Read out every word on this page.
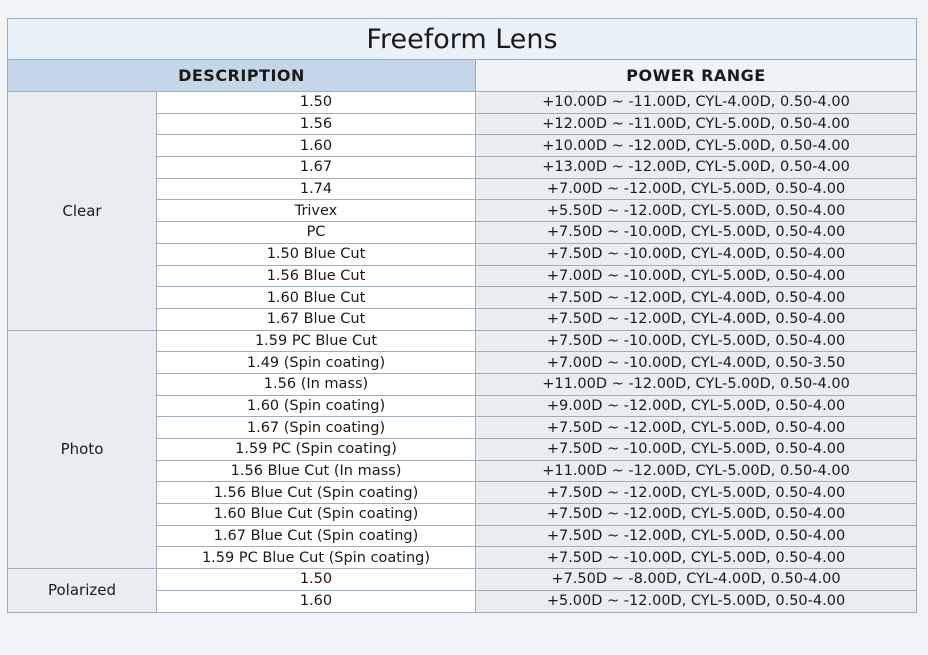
Freeform Lens		
DESCRIPTION		POWER RANGE
Clear	1.50	+10.00D ~ -11.00D, CYL-4.00D, 0.50-4.00
	1.56	+12.00D ~ -11.00D, CYL-5.00D, 0.50-4.00
	1.60	+10.00D ~ -12.00D, CYL-5.00D, 0.50-4.00
	1.67	+13.00D ~ -12.00D, CYL-5.00D, 0.50-4.00
	1.74	+7.00D ~ -12.00D, CYL-5.00D, 0.50-4.00
	Trivex	+5.50D ~ -12.00D, CYL-5.00D, 0.50-4.00
	PC	+7.50D ~ -10.00D, CYL-5.00D, 0.50-4.00
	1.50 Blue Cut	+7.50D ~ -10.00D, CYL-4.00D, 0.50-4.00
	1.56 Blue Cut	+7.00D ~ -10.00D, CYL-5.00D, 0.50-4.00
	1.60 Blue Cut	+7.50D ~ -12.00D, CYL-4.00D, 0.50-4.00
	1.67 Blue Cut	+7.50D ~ -12.00D, CYL-4.00D, 0.50-4.00
Photo	1.59 PC Blue Cut	+7.50D ~ -10.00D, CYL-5.00D, 0.50-4.00
	1.49 (Spin coating)	+7.00D ~ -10.00D, CYL-4.00D, 0.50-3.50
	1.56 (In mass)	+11.00D ~ -12.00D, CYL-5.00D, 0.50-4.00
	1.60 (Spin coating)	+9.00D ~ -12.00D, CYL-5.00D, 0.50-4.00
	1.67 (Spin coating)	+7.50D ~ -12.00D, CYL-5.00D, 0.50-4.00
	1.59 PC (Spin coating)	+7.50D ~ -10.00D, CYL-5.00D, 0.50-4.00
	1.56 Blue Cut (In mass)	+11.00D ~ -12.00D, CYL-5.00D, 0.50-4.00
	1.56 Blue Cut (Spin coating)	+7.50D ~ -12.00D, CYL-5.00D, 0.50-4.00
	1.60 Blue Cut (Spin coating)	+7.50D ~ -12.00D, CYL-5.00D, 0.50-4.00
	1.67 Blue Cut (Spin coating)	+7.50D ~ -12.00D, CYL-5.00D, 0.50-4.00
	1.59 PC Blue Cut (Spin coating)	+7.50D ~ -10.00D, CYL-5.00D, 0.50-4.00
Polarized	1.50	+7.50D ~ -8.00D, CYL-4.00D, 0.50-4.00
	1.60	+5.00D ~ -12.00D, CYL-5.00D, 0.50-4.00
